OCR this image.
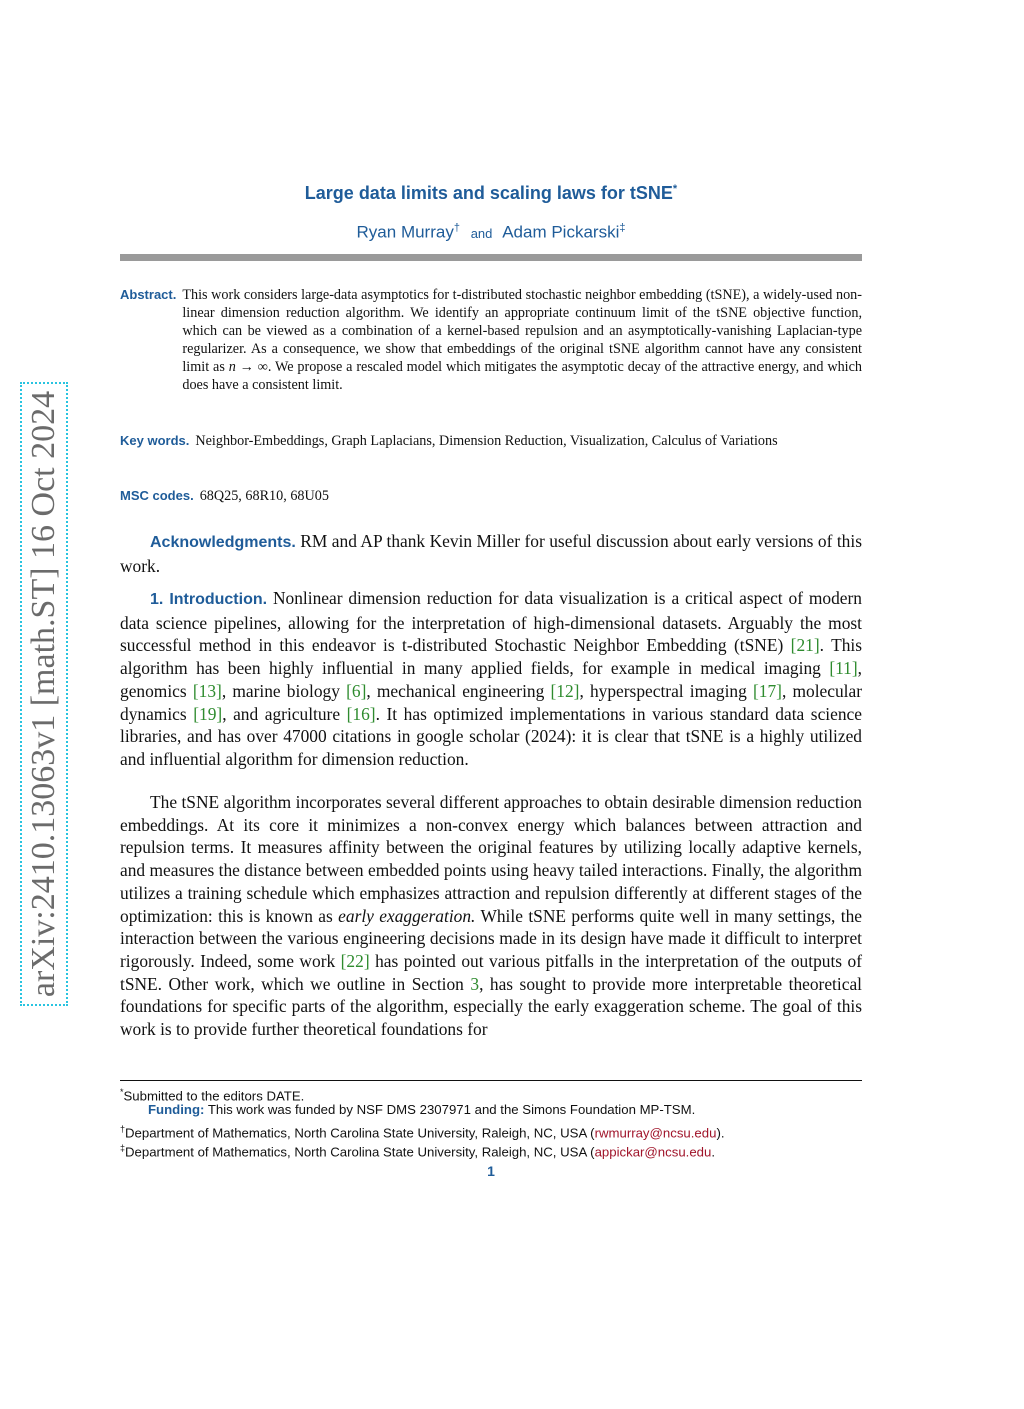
arXiv:2410.13063v1 [math.ST] 16 Oct 2024
Large data limits and scaling laws for tSNE*
Ryan Murray† and Adam Pickarski‡
Abstract. This work considers large-data asymptotics for t-distributed stochastic neighbor embedding (tSNE), a widely-used non-linear dimension reduction algorithm. We identify an appropriate continuum limit of the tSNE objective function, which can be viewed as a combination of a kernel-based repulsion and an asymptotically-vanishing Laplacian-type regularizer. As a consequence, we show that embeddings of the original tSNE algorithm cannot have any consistent limit as n → ∞. We propose a rescaled model which mitigates the asymptotic decay of the attractive energy, and which does have a consistent limit.
Key words. Neighbor-Embeddings, Graph Laplacians, Dimension Reduction, Visualization, Calculus of Variations
MSC codes. 68Q25, 68R10, 68U05

Acknowledgments. RM and AP thank Kevin Miller for useful discussion about early versions of this work.

1. Introduction. Nonlinear dimension reduction for data visualization is a critical aspect of modern data science pipelines, allowing for the interpretation of high-dimensional datasets. Arguably the most successful method in this endeavor is t-distributed Stochastic Neighbor Embedding (tSNE) [21]. This algorithm has been highly influential in many applied fields, for example in medical imaging [11], genomics [13], marine biology [6], mechanical engineering [12], hyperspectral imaging [17], molecular dynamics [19], and agriculture [16]. It has optimized implementations in various standard data science libraries, and has over 47000 citations in google scholar (2024): it is clear that tSNE is a highly utilized and influential algorithm for dimension reduction.

The tSNE algorithm incorporates several different approaches to obtain desirable dimension reduction embeddings. At its core it minimizes a non-convex energy which balances between attraction and repulsion terms. It measures affinity between the original features by utilizing locally adaptive kernels, and measures the distance between embedded points using heavy tailed interactions. Finally, the algorithm utilizes a training schedule which emphasizes attraction and repulsion differently at different stages of the optimization: this is known as early exaggeration. While tSNE performs quite well in many settings, the interaction between the various engineering decisions made in its design have made it difficult to interpret rigorously. Indeed, some work [22] has pointed out various pitfalls in the interpretation of the outputs of tSNE. Other work, which we outline in Section 3, has sought to provide more interpretable theoretical foundations for specific parts of the algorithm, especially the early exaggeration scheme. The goal of this work is to provide further theoretical foundations for

*Submitted to the editors DATE.
Funding: This work was funded by NSF DMS 2307971 and the Simons Foundation MP-TSM.
†Department of Mathematics, North Carolina State University, Raleigh, NC, USA (rwmurray@ncsu.edu).
‡Department of Mathematics, North Carolina State University, Raleigh, NC, USA (appickar@ncsu.edu.
1
